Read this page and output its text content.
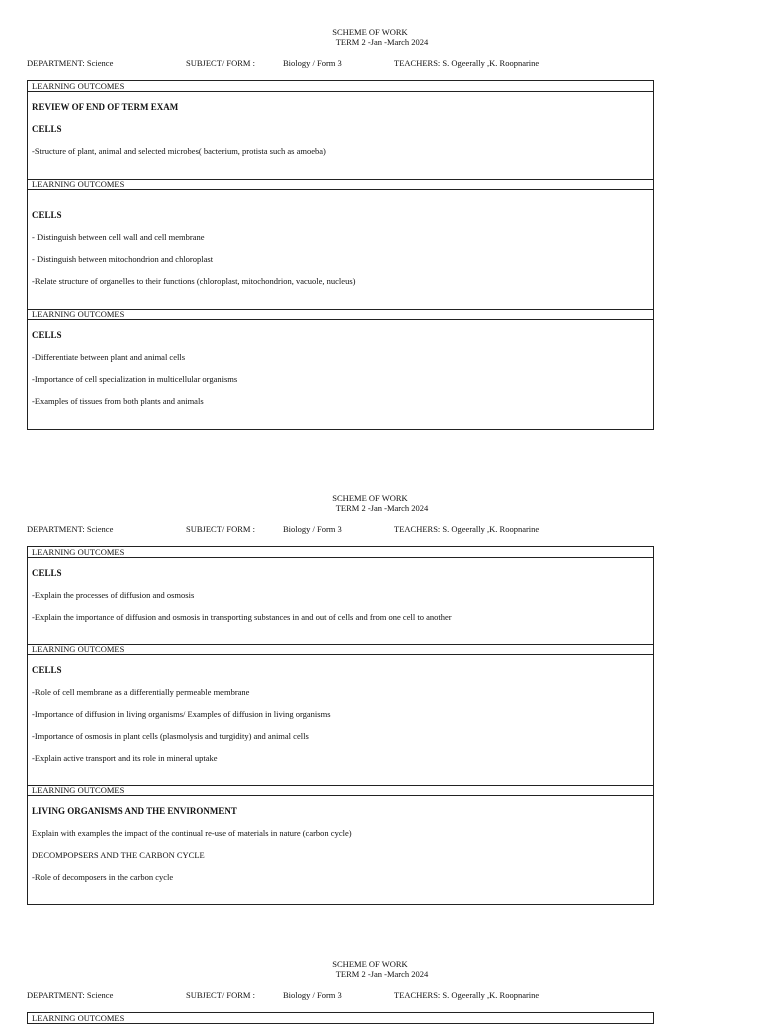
SCHEME OF WORK
TERM 2 -Jan -March 2024
DEPARTMENT: Science	SUBJECT/ FORM :	Biology / Form 3	TEACHERS: S. Ogeerally ,K. Roopnarine
LEARNING OUTCOMES
REVIEW OF END OF TERM EXAM
CELLS
-Structure of plant, animal and selected microbes( bacterium, protista such as amoeba)
LEARNING OUTCOMES
CELLS
- Distinguish between cell wall and cell membrane
- Distinguish between mitochondrion and chloroplast
-Relate structure of organelles to their functions (chloroplast, mitochondrion, vacuole, nucleus)
LEARNING OUTCOMES
CELLS
-Differentiate between plant and animal cells
-Importance of cell specialization in multicellular organisms
-Examples of tissues from both plants and animals
SCHEME OF WORK
TERM 2 -Jan -March 2024
DEPARTMENT: Science	SUBJECT/ FORM :	Biology / Form 3	TEACHERS: S. Ogeerally ,K. Roopnarine
LEARNING OUTCOMES
CELLS
-Explain the processes of diffusion and osmosis
-Explain the importance of diffusion and osmosis in transporting substances in and out of cells and from one cell to another
LEARNING OUTCOMES
CELLS
-Role of cell membrane as a differentially permeable membrane
-Importance of diffusion in living organisms/ Examples of diffusion in living organisms
-Importance of osmosis in plant cells (plasmolysis and turgidity) and animal cells
-Explain active transport and its role in mineral uptake
LEARNING OUTCOMES
LIVING ORGANISMS AND THE ENVIRONMENT
Explain with examples the impact of the continual re-use of materials in nature (carbon cycle)
DECOMPOPSERS AND THE CARBON CYCLE
-Role of decomposers in the carbon cycle
SCHEME OF WORK
TERM 2 -Jan -March 2024
DEPARTMENT: Science	SUBJECT/ FORM :	Biology / Form 3	TEACHERS: S. Ogeerally ,K. Roopnarine
LEARNING OUTCOMES
